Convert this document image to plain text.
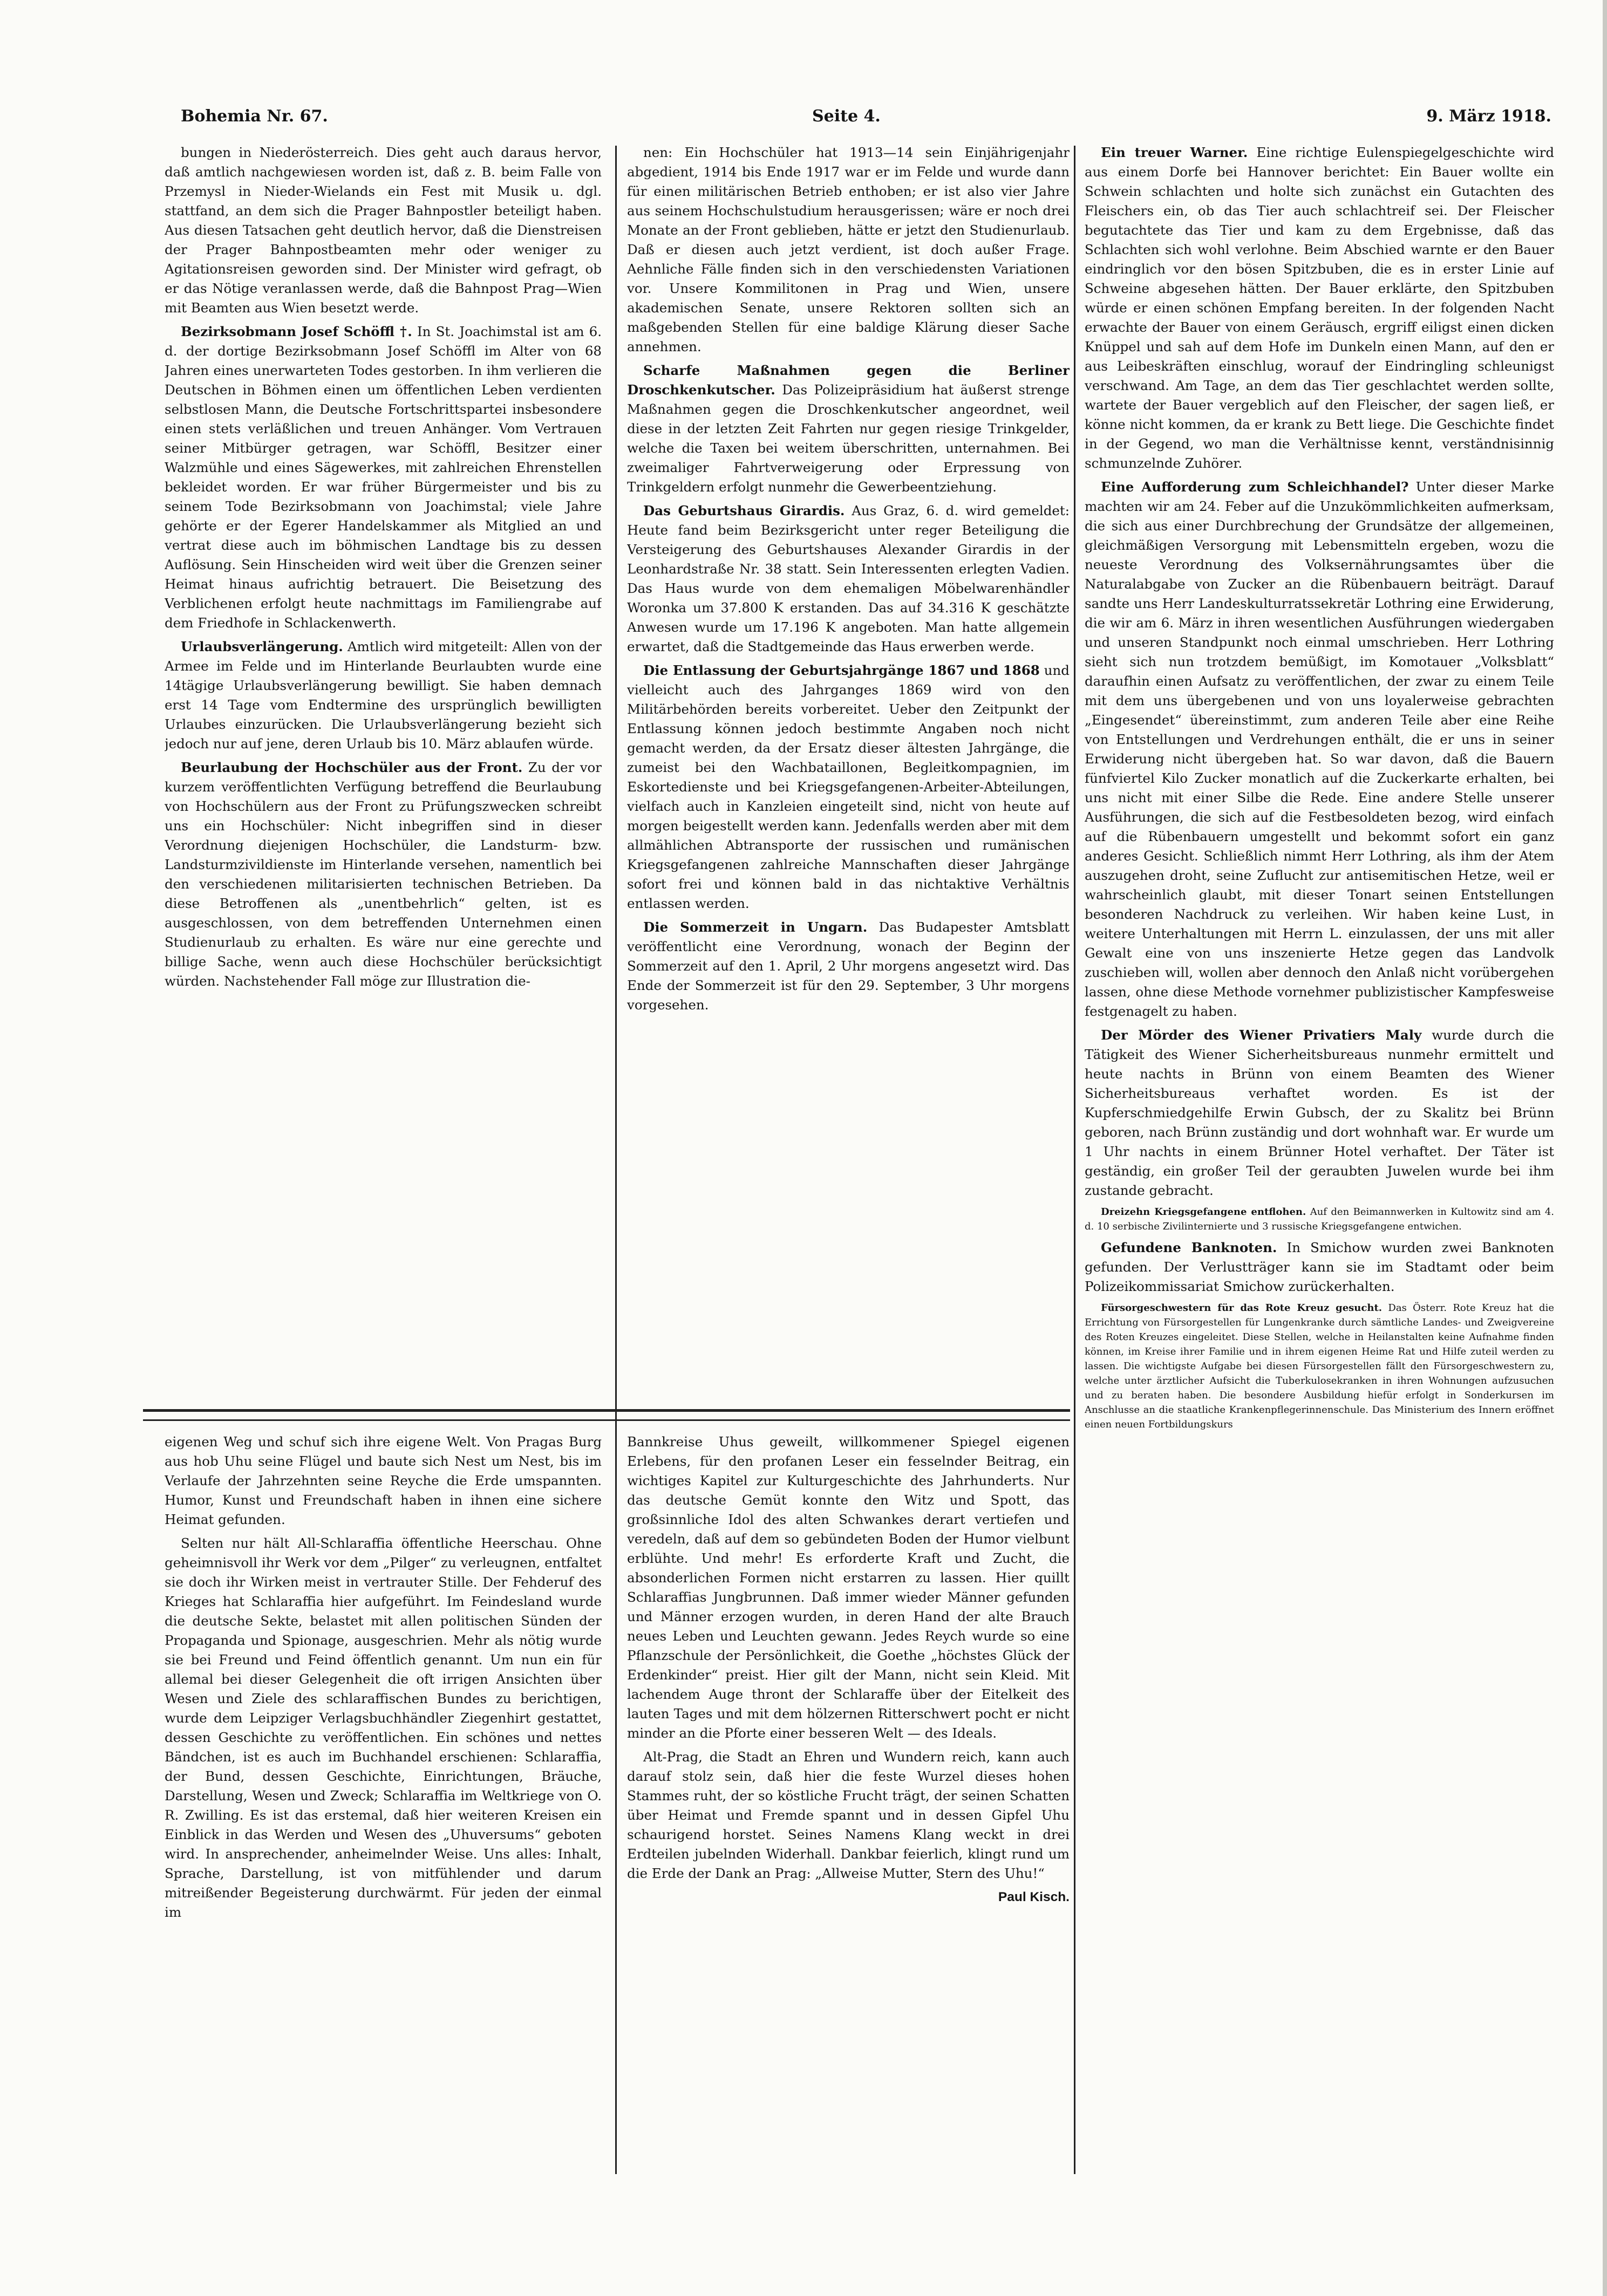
Bohemia Nr. 67.	Seite 4.	9. März 1918.

bungen in Niederösterreich. Dies geht auch daraus hervor, daß amtlich nachgewiesen worden ist, daß z. B. beim Falle von Przemysl in Nieder-Wielands ein Fest mit Musik u. dgl. stattfand, an dem sich die Prager Bahnpostler beteiligt haben. Aus diesen Tatsachen geht deutlich hervor, daß die Dienstreisen der Prager Bahnpostbeamten mehr oder weniger zu Agitationsreisen geworden sind. Der Minister wird gefragt, ob er das Nötige veranlassen werde, daß die Bahnpost Prag—Wien mit Beamten aus Wien besetzt werde.

Bezirksobmann Josef Schöffl †. In St. Joachimstal ist am 6. d. der dortige Bezirksobmann Josef Schöffl im Alter von 68 Jahren eines unerwarteten Todes gestorben. In ihm verlieren die Deutschen in Böhmen einen um öffentlichen Leben verdienten selbstlosen Mann, die Deutsche Fortschrittspartei insbesondere einen stets verläßlichen und treuen Anhänger. Vom Vertrauen seiner Mitbürger getragen, war Schöffl, Besitzer einer Walzmühle und eines Sägewerkes, mit zahlreichen Ehrenstellen bekleidet worden. Er war früher Bürgermeister und bis zu seinem Tode Bezirksobmann von Joachimstal; viele Jahre gehörte er der Egerer Handelskammer als Mitglied an und vertrat diese auch im böhmischen Landtage bis zu dessen Auflösung. Sein Hinscheiden wird weit über die Grenzen seiner Heimat hinaus aufrichtig betrauert. Die Beisetzung des Verblichenen erfolgt heute nachmittags im Familiengrabe auf dem Friedhofe in Schlackenwerth.

Urlaubsverlängerung. Amtlich wird mitgeteilt: Allen von der Armee im Felde und im Hinterlande Beurlaubten wurde eine 14tägige Urlaubsverlängerung bewilligt. Sie haben demnach erst 14 Tage vom Endtermine des ursprünglich bewilligten Urlaubes einzurücken. Die Urlaubsverlängerung bezieht sich jedoch nur auf jene, deren Urlaub bis 10. März ablaufen würde.

Beurlaubung der Hochschüler aus der Front. Zu der vor kurzem veröffentlichten Verfügung betreffend die Beurlaubung von Hochschülern aus der Front zu Prüfungszwecken schreibt uns ein Hochschüler: Nicht inbegriffen sind in dieser Verordnung diejenigen Hochschüler, die Landsturm- bzw. Landsturmzivildienste im Hinterlande versehen, namentlich bei den verschiedenen militarisierten technischen Betrieben. Da diese Betroffenen als „unentbehrlich“ gelten, ist es ausgeschlossen, von dem betreffenden Unternehmen einen Studienurlaub zu erhalten. Es wäre nur eine gerechte und billige Sache, wenn auch diese Hochschüler berücksichtigt würden. Nachstehender Fall möge zur Illustration die-

nen: Ein Hochschüler hat 1913—14 sein Einjährigenjahr abgedient, 1914 bis Ende 1917 war er im Felde und wurde dann für einen militärischen Betrieb enthoben; er ist also vier Jahre aus seinem Hochschulstudium herausgerissen; wäre er noch drei Monate an der Front geblieben, hätte er jetzt den Studienurlaub. Daß er diesen auch jetzt verdient, ist doch außer Frage. Aehnliche Fälle finden sich in den verschiedensten Variationen vor. Unsere Kommilitonen in Prag und Wien, unsere akademischen Senate, unsere Rektoren sollten sich an maßgebenden Stellen für eine baldige Klärung dieser Sache annehmen.

Scharfe Maßnahmen gegen die Berliner Droschkenkutscher. Das Polizeipräsidium hat äußerst strenge Maßnahmen gegen die Droschkenkutscher angeordnet, weil diese in der letzten Zeit Fahrten nur gegen riesige Trinkgelder, welche die Taxen bei weitem überschritten, unternahmen. Bei zweimaliger Fahrtverweigerung oder Erpressung von Trinkgeldern erfolgt nunmehr die Gewerbeentziehung.

Das Geburtshaus Girardis. Aus Graz, 6. d. wird gemeldet: Heute fand beim Bezirksgericht unter reger Beteiligung die Versteigerung des Geburtshauses Alexander Girardis in der Leonhardstraße Nr. 38 statt. Sein Interessenten erlegten Vadien. Das Haus wurde von dem ehemaligen Möbelwarenhändler Woronka um 37.800 K erstanden. Das auf 34.316 K geschätzte Anwesen wurde um 17.196 K angeboten. Man hatte allgemein erwartet, daß die Stadtgemeinde das Haus erwerben werde.

Die Entlassung der Geburtsjahrgänge 1867 und 1868 und vielleicht auch des Jahrganges 1869 wird von den Militärbehörden bereits vorbereitet. Ueber den Zeitpunkt der Entlassung können jedoch bestimmte Angaben noch nicht gemacht werden, da der Ersatz dieser ältesten Jahrgänge, die zumeist bei den Wachbataillonen, Begleitkompagnien, im Eskortedienste und bei Kriegsgefangenen-Arbeiter-Abteilungen, vielfach auch in Kanzleien eingeteilt sind, nicht von heute auf morgen beigestellt werden kann. Jedenfalls werden aber mit dem allmählichen Abtransporte der russischen und rumänischen Kriegsgefangenen zahlreiche Mannschaften dieser Jahrgänge sofort frei und können bald in das nichtaktive Verhältnis entlassen werden.

Die Sommerzeit in Ungarn. Das Budapester Amtsblatt veröffentlicht eine Verordnung, wonach der Beginn der Sommerzeit auf den 1. April, 2 Uhr morgens angesetzt wird. Das Ende der Sommerzeit ist für den 29. September, 3 Uhr morgens vorgesehen.

Ein treuer Warner. Eine richtige Eulenspiegelgeschichte wird aus einem Dorfe bei Hannover berichtet: Ein Bauer wollte ein Schwein schlachten und holte sich zunächst ein Gutachten des Fleischers ein, ob das Tier auch schlachtreif sei. Der Fleischer begutachtete das Tier und kam zu dem Ergebnisse, daß das Schlachten sich wohl verlohne. Beim Abschied warnte er den Bauer eindringlich vor den bösen Spitzbuben, die es in erster Linie auf Schweine abgesehen hätten. Der Bauer erklärte, den Spitzbuben würde er einen schönen Empfang bereiten. In der folgenden Nacht erwachte der Bauer von einem Geräusch, ergriff eiligst einen dicken Knüppel und sah auf dem Hofe im Dunkeln einen Mann, auf den er aus Leibeskräften einschlug, worauf der Eindringling schleunigst verschwand. Am Tage, an dem das Tier geschlachtet werden sollte, wartete der Bauer vergeblich auf den Fleischer, der sagen ließ, er könne nicht kommen, da er krank zu Bett liege. Die Geschichte findet in der Gegend, wo man die Verhältnisse kennt, verständnisinnig schmunzelnde Zuhörer.

Eine Aufforderung zum Schleichhandel? Unter dieser Marke machten wir am 24. Feber auf die Unzukömmlichkeiten aufmerksam, die sich aus einer Durchbrechung der Grundsätze der allgemeinen, gleichmäßigen Versorgung mit Lebensmitteln ergeben, wozu die neueste Verordnung des Volksernährungsamtes über die Naturalabgabe von Zucker an die Rübenbauern beiträgt. Darauf sandte uns Herr Landeskulturratssekretär Lothring eine Erwiderung, die wir am 6. März in ihren wesentlichen Ausführungen wiedergaben und unseren Standpunkt noch einmal umschrieben. Herr Lothring sieht sich nun trotzdem bemüßigt, im Komotauer „Volksblatt“ daraufhin einen Aufsatz zu veröffentlichen, der zwar zu einem Teile mit dem uns übergebenen und von uns loyalerweise gebrachten „Eingesendet“ übereinstimmt, zum anderen Teile aber eine Reihe von Entstellungen und Verdrehungen enthält, die er uns in seiner Erwiderung nicht übergeben hat. So war davon, daß die Bauern fünfviertel Kilo Zucker monatlich auf die Zuckerkarte erhalten, bei uns nicht mit einer Silbe die Rede. Eine andere Stelle unserer Ausführungen, die sich auf die Festbesoldeten bezog, wird einfach auf die Rübenbauern umgestellt und bekommt sofort ein ganz anderes Gesicht. Schließlich nimmt Herr Lothring, als ihm der Atem auszugehen droht, seine Zuflucht zur antisemitischen Hetze, weil er wahrscheinlich glaubt, mit dieser Tonart seinen Entstellungen besonderen Nachdruck zu verleihen. Wir haben keine Lust, in weitere Unterhaltungen mit Herrn L. einzulassen, der uns mit aller Gewalt eine von uns inszenierte Hetze gegen das Landvolk zuschieben will, wollen aber dennoch den Anlaß nicht vorübergehen lassen, ohne diese Methode vornehmer publizistischer Kampfesweise festgenagelt zu haben.

Der Mörder des Wiener Privatiers Maly wurde durch die Tätigkeit des Wiener Sicherheitsbureaus nunmehr ermittelt und heute nachts in Brünn von einem Beamten des Wiener Sicherheitsbureaus verhaftet worden. Es ist der Kupferschmiedgehilfe Erwin Gubsch, der zu Skalitz bei Brünn geboren, nach Brünn zuständig und dort wohnhaft war. Er wurde um 1 Uhr nachts in einem Brünner Hotel verhaftet. Der Täter ist geständig, ein großer Teil der geraubten Juwelen wurde bei ihm zustande gebracht.

Dreizehn Kriegsgefangene entflohen. Auf den Beimannwerken in Kultowitz sind am 4. d. 10 serbische Zivilinternierte und 3 russische Kriegsgefangene entwichen.

Gefundene Banknoten. In Smichow wurden zwei Banknoten gefunden. Der Verlustträger kann sie im Stadtamt oder beim Polizeikommissariat Smichow zurückerhalten.

Fürsorgeschwestern für das Rote Kreuz gesucht. Das Österr. Rote Kreuz hat die Errichtung von Fürsorgestellen für Lungenkranke durch sämtliche Landes- und Zweigvereine des Roten Kreuzes eingeleitet. Diese Stellen, welche in Heilanstalten keine Aufnahme finden können, im Kreise ihrer Familie und in ihrem eigenen Heime Rat und Hilfe zuteil werden zu lassen. Die wichtigste Aufgabe bei diesen Fürsorgestellen fällt den Fürsorgeschwestern zu, welche unter ärztlicher Aufsicht die Tuberkulosekranken in ihren Wohnungen aufzusuchen und zu beraten haben. Die besondere Ausbildung hiefür erfolgt in Sonderkursen im Anschlusse an die staatliche Krankenpflegerinnenschule. Das Ministerium des Innern eröffnet einen neuen Fortbildungskurs

eigenen Weg und schuf sich ihre eigene Welt. Von Pragas Burg aus hob Uhu seine Flügel und baute sich Nest um Nest, bis im Verlaufe der Jahrzehnten seine Reyche die Erde umspannten. Humor, Kunst und Freundschaft haben in ihnen eine sichere Heimat gefunden.

Selten nur hält All-Schlaraffia öffentliche Heerschau. Ohne geheimnisvoll ihr Werk vor dem „Pilger“ zu verleugnen, entfaltet sie doch ihr Wirken meist in vertrauter Stille. Der Fehderuf des Krieges hat Schlaraffia hier aufgeführt. Im Feindesland wurde die deutsche Sekte, belastet mit allen politischen Sünden der Propaganda und Spionage, ausgeschrien. Mehr als nötig wurde sie bei Freund und Feind öffentlich genannt. Um nun ein für allemal bei dieser Gelegenheit die oft irrigen Ansichten über Wesen und Ziele des schlaraffischen Bundes zu berichtigen, wurde dem Leipziger Verlagsbuchhändler Ziegenhirt gestattet, dessen Geschichte zu veröffentlichen. Ein schönes und nettes Bändchen, ist es auch im Buchhandel erschienen: Schlaraffia, der Bund, dessen Geschichte, Einrichtungen, Bräuche, Darstellung, Wesen und Zweck; Schlaraffia im Weltkriege von O. R. Zwilling. Es ist das erstemal, daß hier weiteren Kreisen ein Einblick in das Werden und Wesen des „Uhuversums“ geboten wird. In ansprechender, anheimelnder Weise. Uns alles: Inhalt, Sprache, Darstellung, ist von mitfühlender und darum mitreißender Begeisterung durchwärmt. Für jeden der einmal im

Bannkreise Uhus geweilt, willkommener Spiegel eigenen Erlebens, für den profanen Leser ein fesselnder Beitrag, ein wichtiges Kapitel zur Kulturgeschichte des Jahrhunderts. Nur das deutsche Gemüt konnte den Witz und Spott, das großsinnliche Idol des alten Schwankes derart vertiefen und veredeln, daß auf dem so gebündeten Boden der Humor vielbunt erblühte. Und mehr! Es erforderte Kraft und Zucht, die absonderlichen Formen nicht erstarren zu lassen. Hier quillt Schlaraffias Jungbrunnen. Daß immer wieder Männer gefunden und Männer erzogen wurden, in deren Hand der alte Brauch neues Leben und Leuchten gewann. Jedes Reych wurde so eine Pflanzschule der Persönlichkeit, die Goethe „höchstes Glück der Erdenkinder“ preist. Hier gilt der Mann, nicht sein Kleid. Mit lachendem Auge thront der Schlaraffe über der Eitelkeit des lauten Tages und mit dem hölzernen Ritterschwert pocht er nicht minder an die Pforte einer besseren Welt — des Ideals.

Alt-Prag, die Stadt an Ehren und Wundern reich, kann auch darauf stolz sein, daß hier die feste Wurzel dieses hohen Stammes ruht, der so köstliche Frucht trägt, der seinen Schatten über Heimat und Fremde spannt und in dessen Gipfel Uhu schaurigend horstet. Seines Namens Klang weckt in drei Erdteilen jubelnden Widerhall. Dankbar feierlich, klingt rund um die Erde der Dank an Prag: „Allweise Mutter, Stern des Uhu!“

Paul Kisch.
